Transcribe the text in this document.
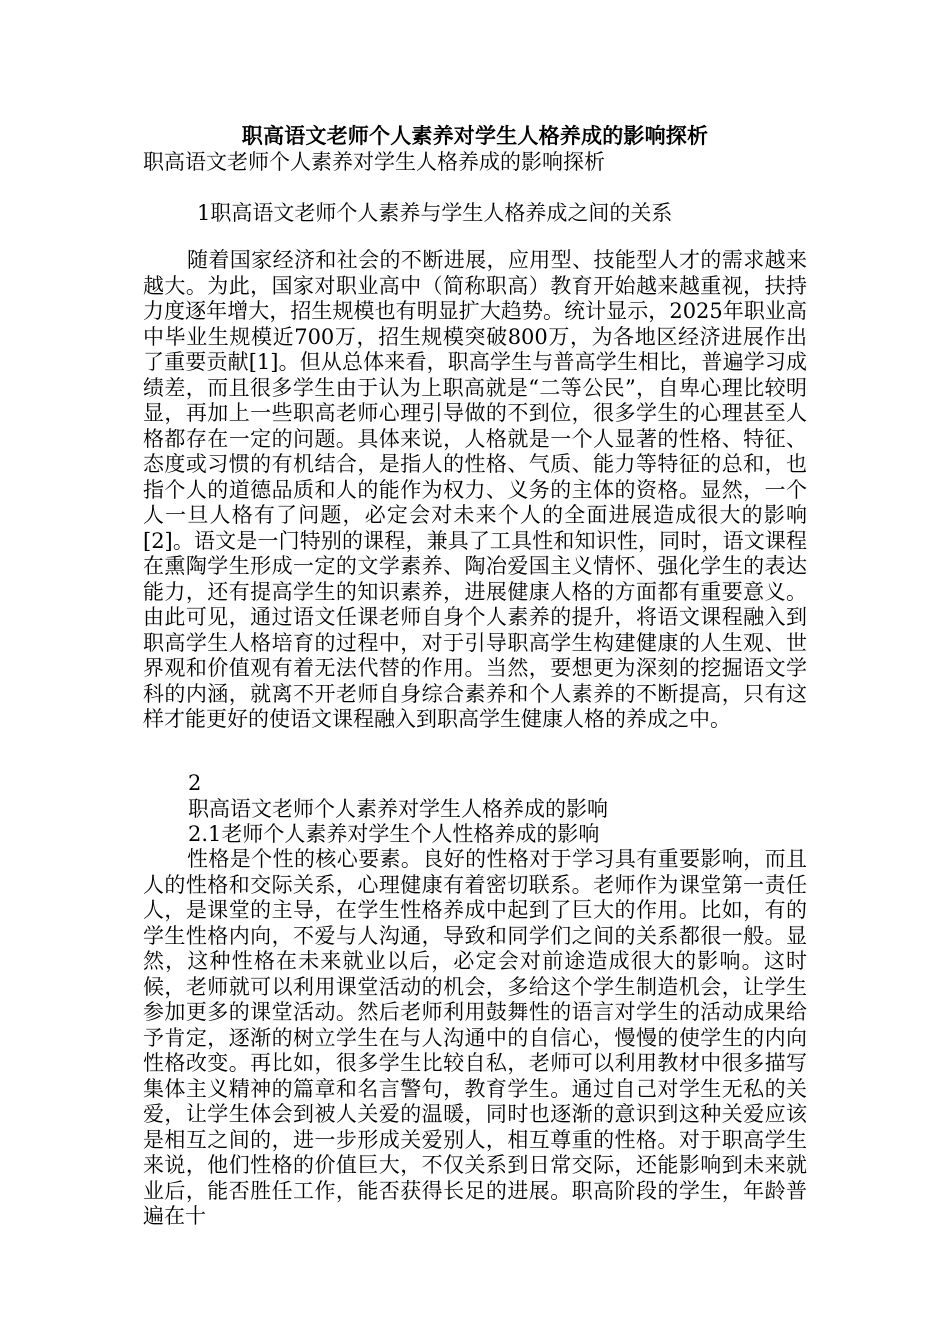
职高语文老师个人素养对学生人格养成的影响探析
职高语文老师个人素养对学生人格养成的影响探析
1职高语文老师个人素养与学生人格养成之间的关系
随着国家经济和社会的不断进展，应用型、技能型人才的需求越来越大。为此，国家对职业高中（简称职高）教育开始越来越重视，扶持力度逐年增大，招生规模也有明显扩大趋势。统计显示，2025年职业高中毕业生规模近700万，招生规模突破800万，为各地区经济进展作出了重要贡献[1]。但从总体来看，职高学生与普高学生相比，普遍学习成绩差，而且很多学生由于认为上职高就是“二等公民”，自卑心理比较明显，再加上一些职高老师心理引导做的不到位，很多学生的心理甚至人格都存在一定的问题。具体来说，人格就是一个人显著的性格、特征、态度或习惯的有机结合，是指人的性格、气质、能力等特征的总和，也指个人的道德品质和人的能作为权力、义务的主体的资格。显然，一个人一旦人格有了问题，必定会对未来个人的全面进展造成很大的影响[2]。语文是一门特别的课程，兼具了工具性和知识性，同时，语文课程在熏陶学生形成一定的文学素养、陶冶爱国主义情怀、强化学生的表达能力，还有提高学生的知识素养，进展健康人格的方面都有重要意义。由此可见，通过语文任课老师自身个人素养的提升，将语文课程融入到职高学生人格培育的过程中，对于引导职高学生构建健康的人生观、世界观和价值观有着无法代替的作用。当然，要想更为深刻的挖掘语文学科的内涵，就离不开老师自身综合素养和个人素养的不断提高，只有这样才能更好的使语文课程融入到职高学生健康人格的养成之中。
2
职高语文老师个人素养对学生人格养成的影响
2.1老师个人素养对学生个人性格养成的影响
性格是个性的核心要素。良好的性格对于学习具有重要影响，而且人的性格和交际关系，心理健康有着密切联系。老师作为课堂第一责任人，是课堂的主导，在学生性格养成中起到了巨大的作用。比如，有的学生性格内向，不爱与人沟通，导致和同学们之间的关系都很一般。显然，这种性格在未来就业以后，必定会对前途造成很大的影响。这时候，老师就可以利用课堂活动的机会，多给这个学生制造机会，让学生参加更多的课堂活动。然后老师利用鼓舞性的语言对学生的活动成果给予肯定，逐渐的树立学生在与人沟通中的自信心，慢慢的使学生的内向性格改变。再比如，很多学生比较自私，老师可以利用教材中很多描写集体主义精神的篇章和名言警句，教育学生。通过自己对学生无私的关爱，让学生体会到被人关爱的温暖，同时也逐渐的意识到这种关爱应该是相互之间的，进一步形成关爱别人，相互尊重的性格。对于职高学生来说，他们性格的价值巨大，不仅关系到日常交际，还能影响到未来就业后，能否胜任工作，能否获得长足的进展。职高阶段的学生，年龄普遍在十
